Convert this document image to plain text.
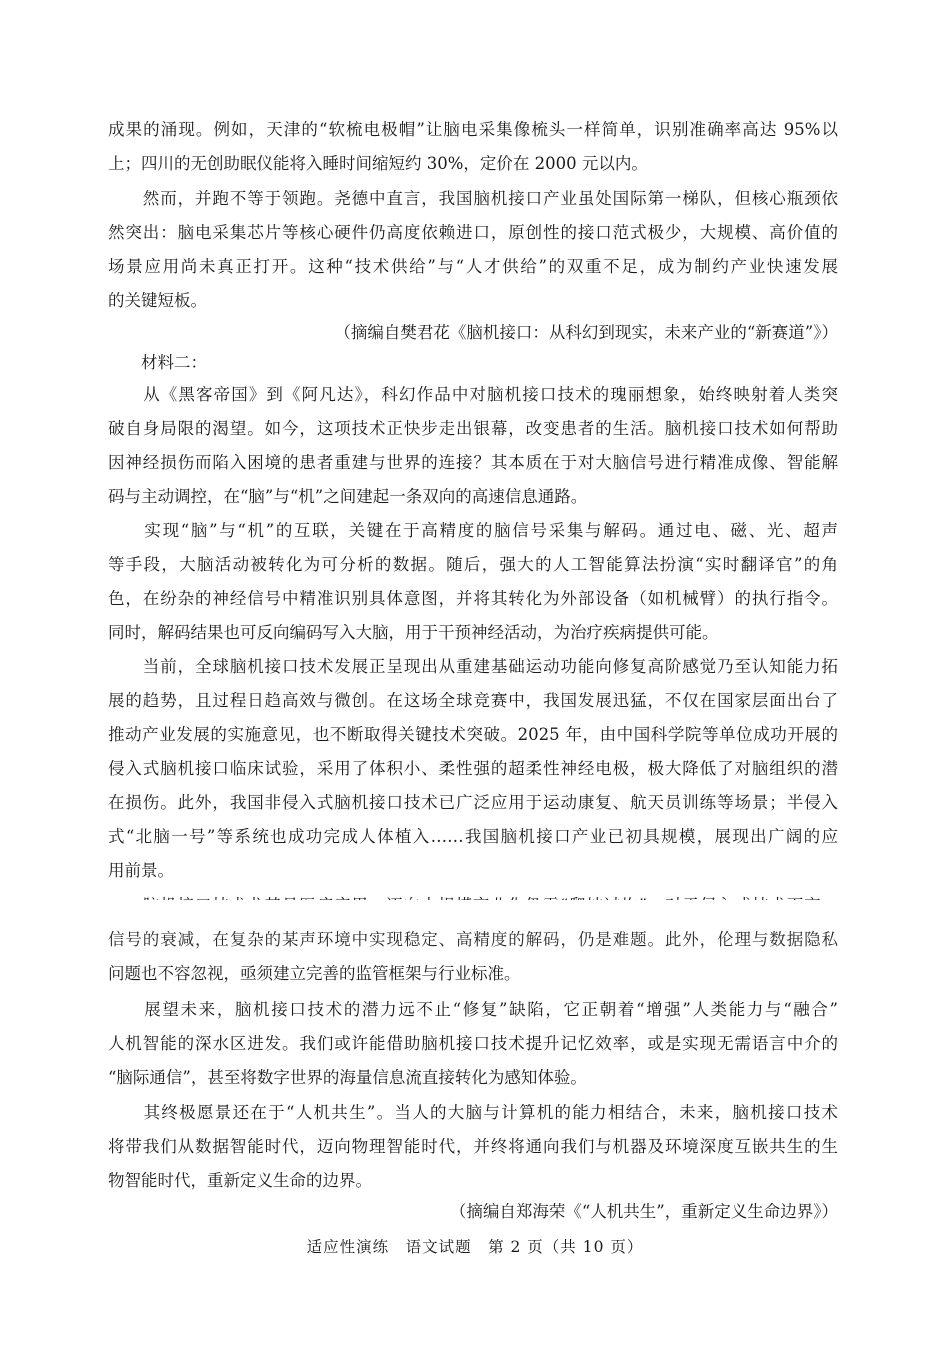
成果的涌现。例如，天津的“软梳电极帽”让脑电采集像梳头一样简单，识别准确率高达 95%以
上；四川的无创助眠仪能将入睡时间缩短约 30%，定价在 2000 元以内。
　　然而，并跑不等于领跑。尧德中直言，我国脑机接口产业虽处国际第一梯队，但核心瓶颈依
然突出：脑电采集芯片等核心硬件仍高度依赖进口，原创性的接口范式极少，大规模、高价值的
场景应用尚未真正打开。这种“技术供给”与“人才供给”的双重不足，成为制约产业快速发展
的关键短板。
（摘编自樊君花《脑机接口：从科幻到现实，未来产业的“新赛道”》）
　　材料二：
　　从《黑客帝国》到《阿凡达》，科幻作品中对脑机接口技术的瑰丽想象，始终映射着人类突
破自身局限的渴望。如今，这项技术正快步走出银幕，改变患者的生活。脑机接口技术如何帮助
因神经损伤而陷入困境的患者重建与世界的连接？其本质在于对大脑信号进行精准成像、智能解
码与主动调控，在“脑”与“机”之间建起一条双向的高速信息通路。
　　实现“脑”与“机”的互联，关键在于高精度的脑信号采集与解码。通过电、磁、光、超声
等手段，大脑活动被转化为可分析的数据。随后，强大的人工智能算法扮演“实时翻译官”的角
色，在纷杂的神经信号中精准识别具体意图，并将其转化为外部设备（如机械臂）的执行指令。
同时，解码结果也可反向编码写入大脑，用于干预神经活动，为治疗疾病提供可能。
　　当前，全球脑机接口技术发展正呈现出从重建基础运动功能向修复高阶感觉乃至认知能力拓
展的趋势，且过程日趋高效与微创。在这场全球竞赛中，我国发展迅猛，不仅在国家层面出台了
推动产业发展的实施意见，也不断取得关键技术突破。2025 年，由中国科学院等单位成功开展的
侵入式脑机接口临床试验，采用了体积小、柔性强的超柔性神经电极，极大降低了对脑组织的潜
在损伤。此外，我国非侵入式脑机接口技术已广泛应用于运动康复、航天员训练等场景；半侵入
式“北脑一号”等系统也成功完成人体植入……我国脑机接口产业已初具规模，展现出广阔的应
用前景。
信号的衰减，在复杂的某声环境中实现稳定、高精度的解码，仍是难题。此外，伦理与数据隐私
问题也不容忽视，亟须建立完善的监管框架与行业标准。
　　展望未来，脑机接口技术的潜力远不止“修复”缺陷，它正朝着“增强”人类能力与“融合”
人机智能的深水区进发。我们或许能借助脑机接口技术提升记忆效率，或是实现无需语言中介的
“脑际通信”，甚至将数字世界的海量信息流直接转化为感知体验。
　　其终极愿景还在于“人机共生”。当人的大脑与计算机的能力相结合，未来，脑机接口技术
将带我们从数据智能时代，迈向物理智能时代，并终将通向我们与机器及环境深度互嵌共生的生
物智能时代，重新定义生命的边界。
（摘编自郑海荣《“人机共生”，重新定义生命边界》）
适应性演练　语文试题　第 2 页（共 10 页）
